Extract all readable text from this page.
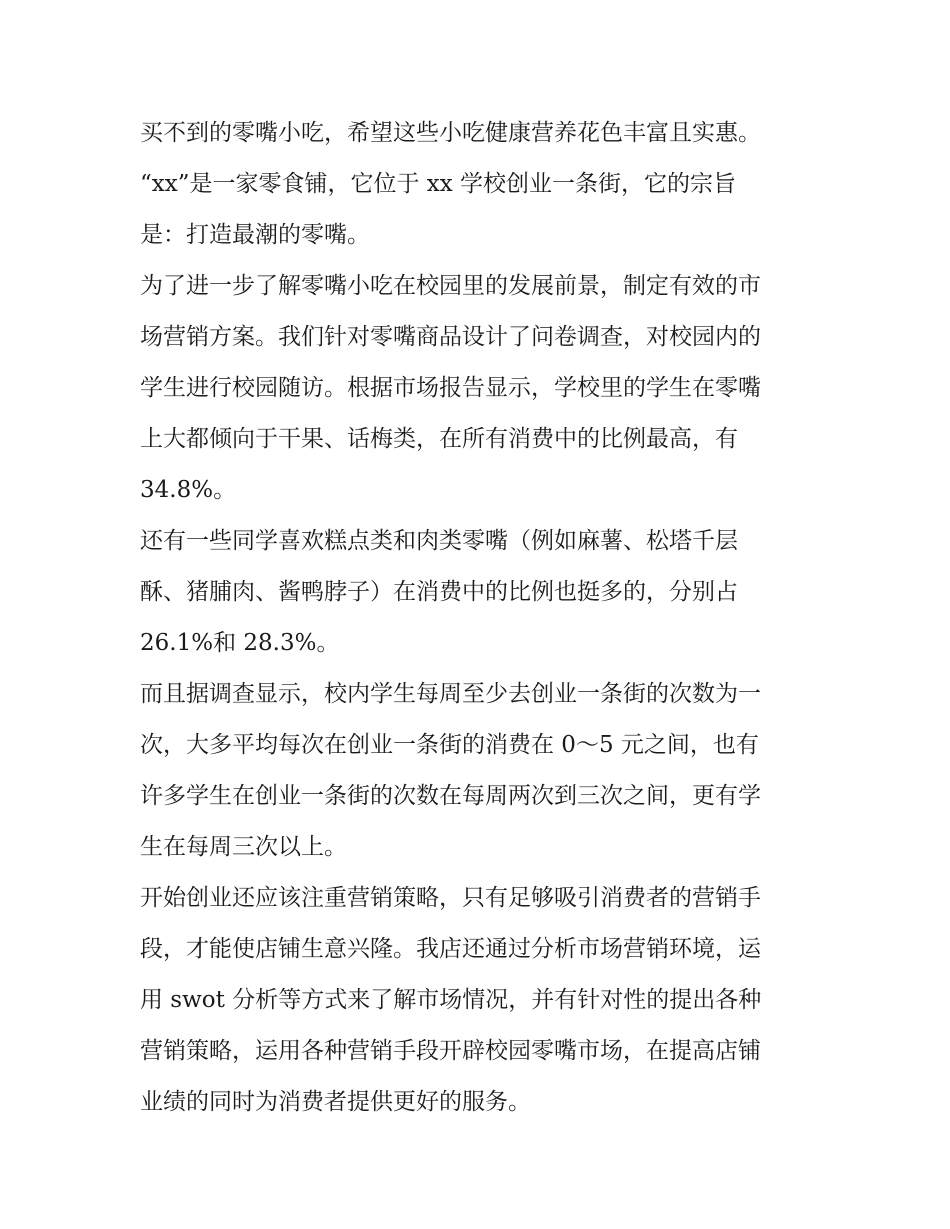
买不到的零嘴小吃，希望这些小吃健康营养花色丰富且实惠。
“xx”是一家零食铺，它位于 xx 学校创业一条街，它的宗旨
是：打造最潮的零嘴。
为了进一步了解零嘴小吃在校园里的发展前景，制定有效的市
场营销方案。我们针对零嘴商品设计了问卷调查，对校园内的
学生进行校园随访。根据市场报告显示，学校里的学生在零嘴
上大都倾向于干果、话梅类，在所有消费中的比例最高，有
34.8%。
还有一些同学喜欢糕点类和肉类零嘴（例如麻薯、松塔千层
酥、猪脯肉、酱鸭脖子）在消费中的比例也挺多的，分别占
26.1%和 28.3%。
而且据调查显示，校内学生每周至少去创业一条街的次数为一
次，大多平均每次在创业一条街的消费在 0～5 元之间，也有
许多学生在创业一条街的次数在每周两次到三次之间，更有学
生在每周三次以上。
开始创业还应该注重营销策略，只有足够吸引消费者的营销手
段，才能使店铺生意兴隆。我店还通过分析市场营销环境，运
用 swot 分析等方式来了解市场情况，并有针对性的提出各种
营销策略，运用各种营销手段开辟校园零嘴市场，在提高店铺
业绩的同时为消费者提供更好的服务。
